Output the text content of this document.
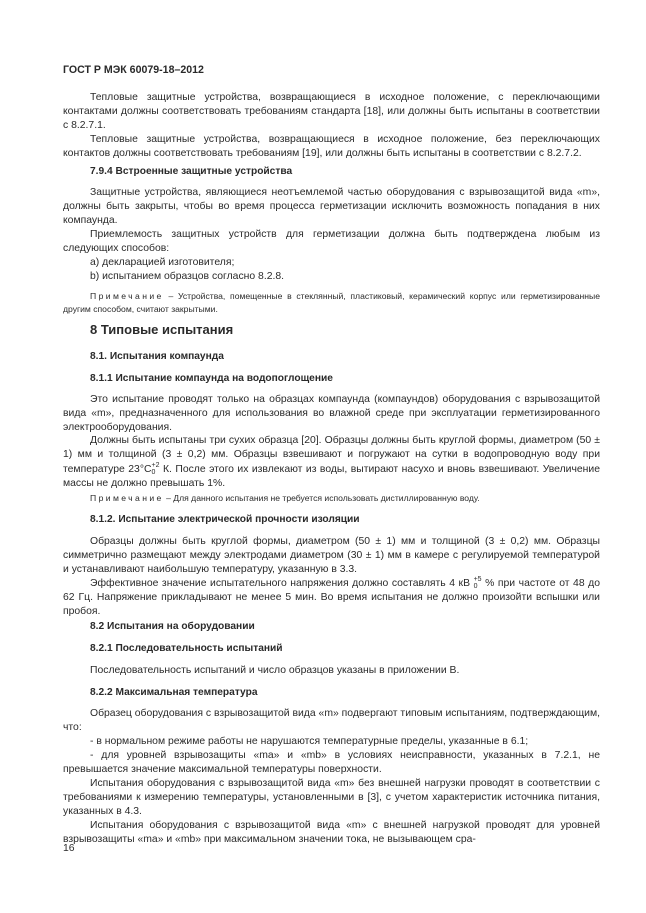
ГОСТ Р МЭК 60079-18–2012
Тепловые защитные устройства, возвращающиеся в исходное положение, с переключающими контактами должны соответствовать требованиям стандарта [18], или должны быть испытаны в соответствии с 8.2.7.1.
Тепловые защитные устройства, возвращающиеся в исходное положение, без переключающих контактов должны соответствовать требованиям [19], или должны быть испытаны в соответствии с 8.2.7.2.
7.9.4 Встроенные защитные устройства
Защитные устройства, являющиеся неотъемлемой частью оборудования с взрывозащитой вида «m», должны быть закрыты, чтобы во время процесса герметизации исключить возможность попадания в них компаунда.
Приемлемость защитных устройств для герметизации должна быть подтверждена любым из следующих способов:
a) декларацией изготовителя;
b) испытанием образцов согласно 8.2.8.
Примечание – Устройства, помещенные в стеклянный, пластиковый, керамический корпус или герметизированные другим способом, считают закрытыми.
8 Типовые испытания
8.1. Испытания компаунда
8.1.1 Испытание компаунда на водопоглощение
Это испытание проводят только на образцах компаунда (компаундов) оборудования с взрывозащитой вида «m», предназначенного для использования во влажной среде при эксплуатации герметизированного электрооборудования.
Должны быть испытаны три сухих образца [20]. Образцы должны быть круглой формы, диаметром (50 ± 1) мм и толщиной (3 ± 0,2) мм. Образцы взвешивают и погружают на сутки в водопроводную воду при температуре 23°С +2
0 К. После этого их извлекают из воды, вытирают насухо и вновь взвешивают. Увеличение массы не должно превышать 1%.
Примечание – Для данного испытания не требуется использовать дистиллированную воду.
8.1.2. Испытание электрической прочности изоляции
Образцы должны быть круглой формы, диаметром (50 ± 1) мм и толщиной (3 ± 0,2) мм. Образцы симметрично размещают между электродами диаметром (30 ± 1) мм в камере с регулируемой температурой и устанавливают наибольшую температуру, указанную в 3.3.
Эффективное значение испытательного напряжения должно составлять 4 кВ +5
0 % при частоте от 48 до 62 Гц. Напряжение прикладывают не менее 5 мин. Во время испытания не должно произойти вспышки или пробоя.
8.2 Испытания на оборудовании
8.2.1 Последовательность испытаний
Последовательность испытаний и число образцов указаны в приложении В.
8.2.2 Максимальная температура
Образец оборудования с взрывозащитой вида «m» подвергают типовым испытаниям, подтверждающим, что:
- в нормальном режиме работы не нарушаются температурные пределы, указанные в 6.1;
- для уровней взрывозащиты «ma» и «mb» в условиях неисправности, указанных в 7.2.1, не превышается значение максимальной температуры поверхности.
Испытания оборудования с взрывозащитой вида «m» без внешней нагрузки проводят в соответствии с требованиями к измерению температуры, установленными в [3], с учетом характеристик источника питания, указанных в 4.3.
Испытания оборудования с взрывозащитой вида «m» с внешней нагрузкой проводят для уровней взрывозащиты «ma» и «mb» при максимальном значении тока, не вызывающем сра-
16
